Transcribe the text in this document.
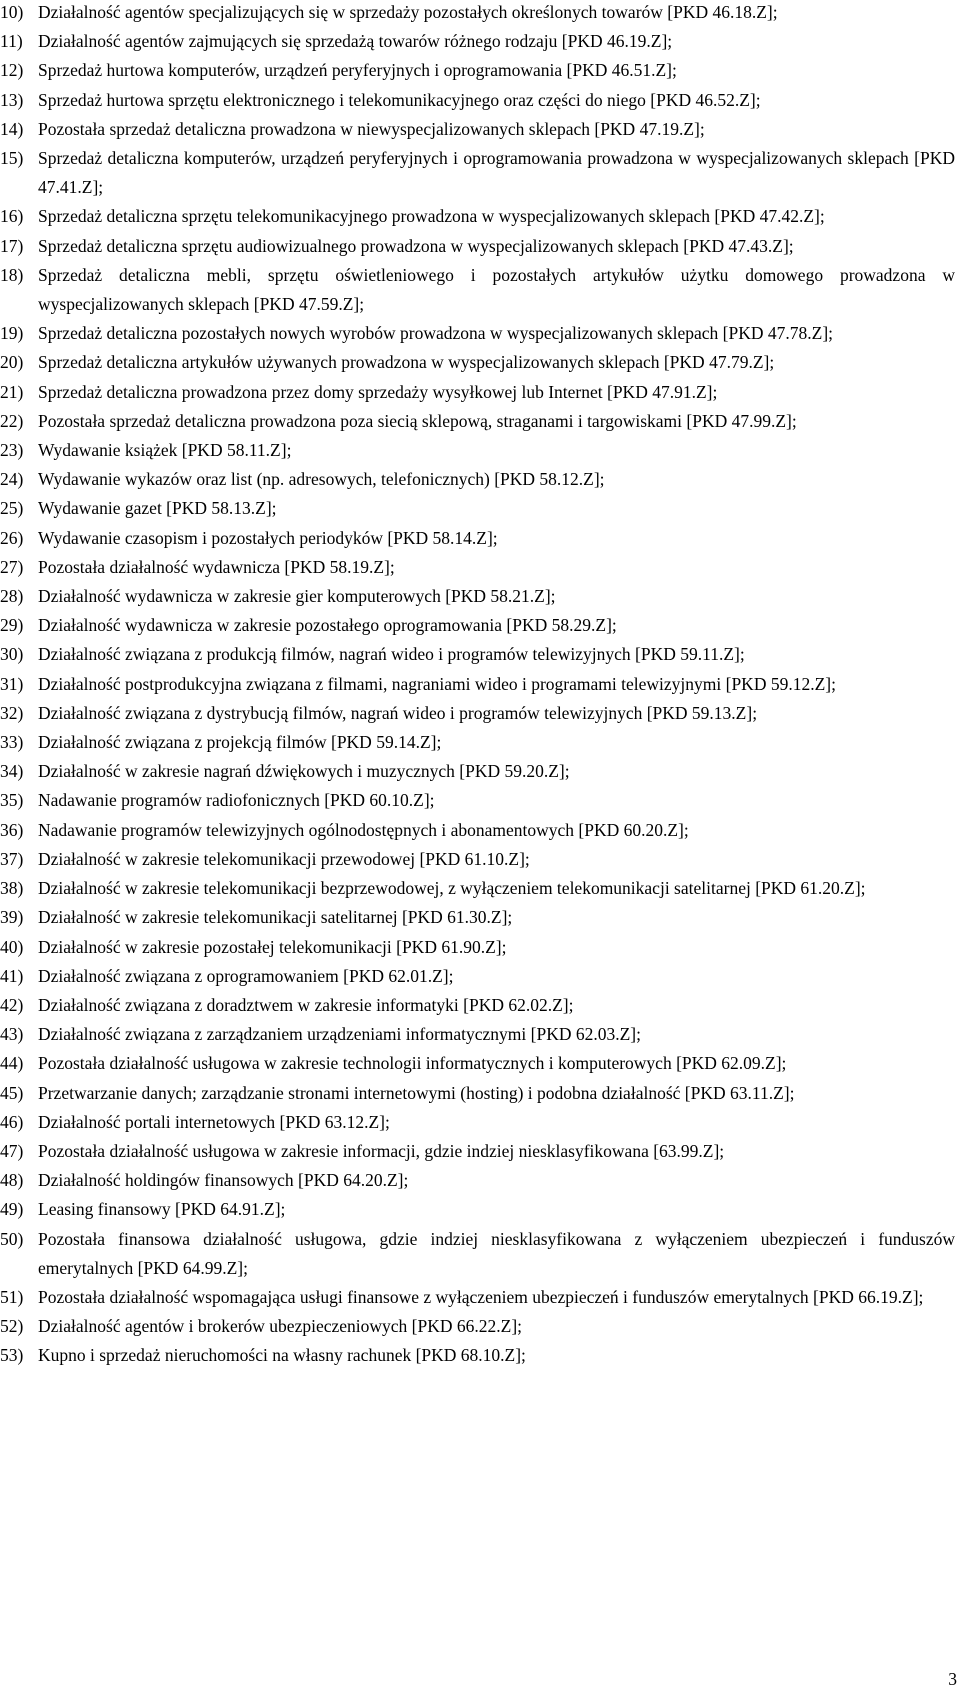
10) Działalność agentów specjalizujących się w sprzedaży pozostałych określonych towarów [PKD 46.18.Z];
11) Działalność agentów zajmujących się sprzedażą towarów różnego rodzaju [PKD 46.19.Z];
12) Sprzedaż hurtowa komputerów, urządzeń peryferyjnych i oprogramowania [PKD 46.51.Z];
13) Sprzedaż hurtowa sprzętu elektronicznego i telekomunikacyjnego oraz części do niego [PKD 46.52.Z];
14) Pozostała sprzedaż detaliczna prowadzona w niewyspecjalizowanych sklepach [PKD 47.19.Z];
15) Sprzedaż detaliczna komputerów, urządzeń peryferyjnych i oprogramowania prowadzona w wyspecjalizowanych sklepach [PKD 47.41.Z];
16) Sprzedaż detaliczna sprzętu telekomunikacyjnego prowadzona w wyspecjalizowanych sklepach [PKD 47.42.Z];
17) Sprzedaż detaliczna sprzętu audiowizualnego prowadzona w wyspecjalizowanych sklepach [PKD 47.43.Z];
18) Sprzedaż detaliczna mebli, sprzętu oświetleniowego i pozostałych artykułów użytku domowego prowadzona w wyspecjalizowanych sklepach [PKD 47.59.Z];
19) Sprzedaż detaliczna pozostałych nowych wyrobów prowadzona w wyspecjalizowanych sklepach [PKD 47.78.Z];
20) Sprzedaż detaliczna artykułów używanych prowadzona w wyspecjalizowanych sklepach [PKD 47.79.Z];
21) Sprzedaż detaliczna prowadzona przez domy sprzedaży wysyłkowej lub Internet [PKD 47.91.Z];
22) Pozostała sprzedaż detaliczna prowadzona poza siecią sklepową, straganami i targowiskami [PKD 47.99.Z];
23) Wydawanie książek [PKD 58.11.Z];
24) Wydawanie wykazów oraz list (np. adresowych, telefonicznych) [PKD 58.12.Z];
25) Wydawanie gazet [PKD 58.13.Z];
26) Wydawanie czasopism i pozostałych periodyków [PKD 58.14.Z];
27) Pozostała działalność wydawnicza [PKD 58.19.Z];
28) Działalność wydawnicza w zakresie gier komputerowych [PKD 58.21.Z];
29) Działalność wydawnicza w zakresie pozostałego oprogramowania [PKD 58.29.Z];
30) Działalność związana z produkcją filmów, nagrań wideo i programów telewizyjnych [PKD 59.11.Z];
31) Działalność postprodukcyjna związana z filmami, nagraniami wideo i programami telewizyjnymi [PKD 59.12.Z];
32) Działalność związana z dystrybucją filmów, nagrań wideo i programów telewizyjnych [PKD 59.13.Z];
33) Działalność związana z projekcją filmów [PKD 59.14.Z];
34) Działalność w zakresie nagrań dźwiękowych i muzycznych [PKD 59.20.Z];
35) Nadawanie programów radiofonicznych [PKD 60.10.Z];
36) Nadawanie programów telewizyjnych ogólnodostępnych i abonamentowych [PKD 60.20.Z];
37) Działalność w zakresie telekomunikacji przewodowej [PKD 61.10.Z];
38) Działalność w zakresie telekomunikacji bezprzewodowej, z wyłączeniem telekomunikacji satelitarnej [PKD 61.20.Z];
39) Działalność w zakresie telekomunikacji satelitarnej [PKD 61.30.Z];
40) Działalność w zakresie pozostałej telekomunikacji [PKD 61.90.Z];
41) Działalność związana z oprogramowaniem [PKD 62.01.Z];
42) Działalność związana z doradztwem w zakresie informatyki [PKD 62.02.Z];
43) Działalność związana z zarządzaniem urządzeniami informatycznymi [PKD 62.03.Z];
44) Pozostała działalność usługowa w zakresie technologii informatycznych i komputerowych [PKD 62.09.Z];
45) Przetwarzanie danych; zarządzanie stronami internetowymi (hosting) i podobna działalność [PKD 63.11.Z];
46) Działalność portali internetowych [PKD 63.12.Z];
47) Pozostała działalność usługowa w zakresie informacji, gdzie indziej niesklasyfikowana [63.99.Z];
48) Działalność holdingów finansowych [PKD 64.20.Z];
49) Leasing finansowy [PKD 64.91.Z];
50) Pozostała finansowa działalność usługowa, gdzie indziej niesklasyfikowana z wyłączeniem ubezpieczeń i funduszów emerytalnych [PKD 64.99.Z];
51) Pozostała działalność wspomagająca usługi finansowe z wyłączeniem ubezpieczeń i funduszów emerytalnych [PKD 66.19.Z];
52) Działalność agentów i brokerów ubezpieczeniowych [PKD 66.22.Z];
53) Kupno i sprzedaż nieruchomości na własny rachunek [PKD 68.10.Z];
3
